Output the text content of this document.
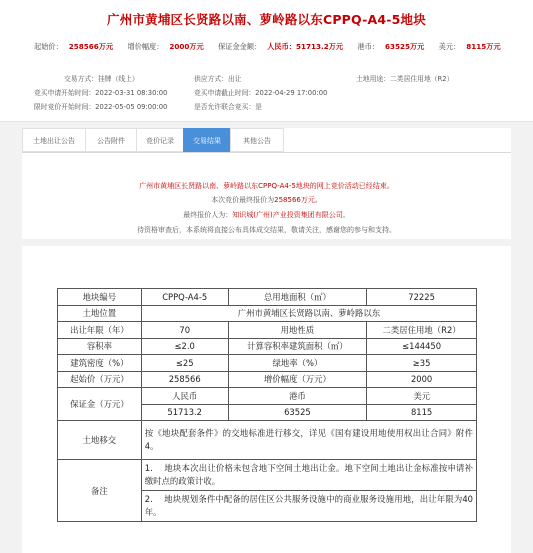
广州市黄埔区长贤路以南、萝岭路以东CPPQ-A4-5地块
起始价： 258566万元 增价幅度： 2000万元 保证金金额： 人民币：51713.2万元 港币： 63525万元 美元： 8115万元
交易方式：挂牌（线上）	供应方式：出让	土地用途：二类居住用地（R2）
竞买申请开始时间：2022-03-31 08:30:00	竞买申请截止时间：2022-04-29 17:00:00
限时竞价开始时间：2022-05-05 09:00:00	是否允许联合竞买：是
土地出让公告	公告附件	竞价记录	交易结果	其他公告
广州市黄埔区长贤路以南、萝岭路以东CPPQ-A4-5地块的网上竞价活动已经结束。
本次竞价最终报价为258566万元。
最终报价人为：知识城(广州)产业投资集团有限公司。
待资格审查后，本系统将直接公布具体成交结果，敬请关注，感谢您的参与和支持。
地块编号	CPPQ-A4-5	总用地面积（㎡）	72225
土地位置	广州市黄埔区长贤路以南、萝岭路以东		
出让年限（年）	70	用地性质	二类居住用地（R2）
容积率	≤2.0	计算容积率建筑面积（㎡）	≤144450
建筑密度（%）	≤25	绿地率（%）	≥35
起始价（万元）	258566	增价幅度（万元）	2000
保证金（万元）	人民币	港币	美元
	51713.2	63525	8115
土地移交	按《地块配套条件》的交地标准进行移交，详见《国有建设用地使用权出让合同》附件4。		
备注	1.　 地块本次出让价格未包含地下空间土地出让金。地下空间土地出让金标准按申请补缴时点的政策计收。		
	2.　 地块规划条件中配备的居住区公共服务设施中的商业服务设施用地，出让年限为40年。		
